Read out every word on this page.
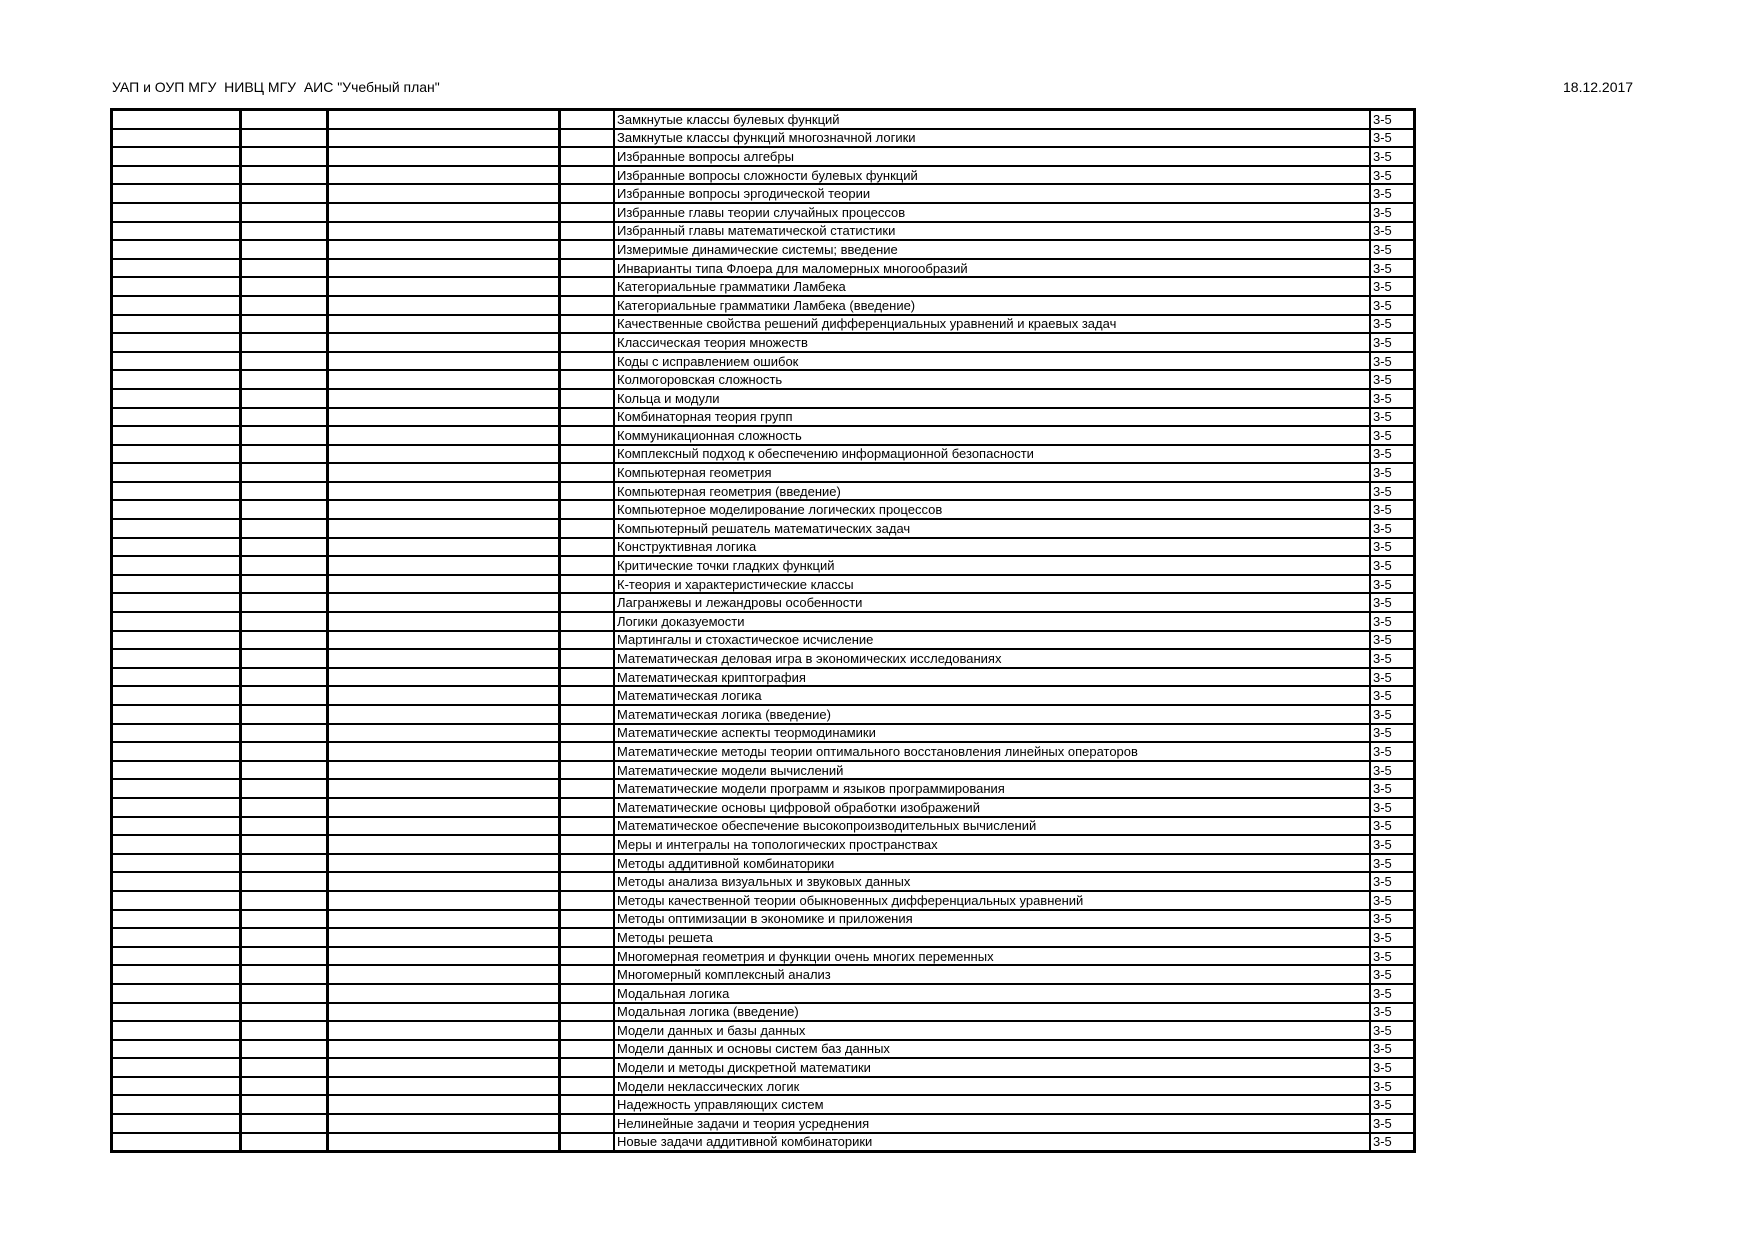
УАП и ОУП МГУ  НИВЦ МГУ  АИС "Учебный план"	18.12.2017
				Замкнутые классы булевых функций	3-5
				Замкнутые классы функций многозначной логики	3-5
				Избранные вопросы алгебры	3-5
				Избранные вопросы сложности булевых функций	3-5
				Избранные вопросы эргодической теории	3-5
				Избранные главы теории случайных процессов	3-5
				Избранный главы математической статистики	3-5
				Измеримые динамические системы; введение	3-5
				Инварианты типа Флоера для маломерных многообразий	3-5
				Категориальные грамматики Ламбека	3-5
				Категориальные грамматики Ламбека (введение)	3-5
				Качественные свойства решений дифференциальных уравнений и краевых задач	3-5
				Классическая теория множеств	3-5
				Коды с исправлением ошибок	3-5
				Колмогоровская сложность	3-5
				Кольца и модули	3-5
				Комбинаторная теория групп	3-5
				Коммуникационная сложность	3-5
				Комплексный подход к обеспечению информационной безопасности	3-5
				Компьютерная геометрия	3-5
				Компьютерная геометрия (введение)	3-5
				Компьютерное моделирование логических процессов	3-5
				Компьютерный решатель математических задач	3-5
				Конструктивная логика	3-5
				Критические точки гладких функций	3-5
				К-теория и характеристические классы	3-5
				Лагранжевы и лежандровы особенности	3-5
				Логики доказуемости	3-5
				Мартингалы и стохастическое исчисление	3-5
				Математическая деловая игра в экономических исследованиях	3-5
				Математическая криптография	3-5
				Математическая логика	3-5
				Математическая логика (введение)	3-5
				Математические аспекты теормодинамики	3-5
				Математические методы теории оптимального восстановления линейных операторов	3-5
				Математические модели вычислений	3-5
				Математические модели программ и языков программирования	3-5
				Математические основы цифровой обработки изображений	3-5
				Математическое обеспечение высокопроизводительных вычислений	3-5
				Меры и интегралы на топологических пространствах	3-5
				Методы аддитивной комбинаторики	3-5
				Методы анализа визуальных и звуковых данных	3-5
				Методы качественной теории обыкновенных дифференциальных уравнений	3-5
				Методы оптимизации в экономике и приложения	3-5
				Методы решета	3-5
				Многомерная геометрия и функции очень многих переменных	3-5
				Многомерный комплексный анализ	3-5
				Модальная логика	3-5
				Модальная логика (введение)	3-5
				Модели данных и базы данных	3-5
				Модели данных и основы систем баз данных	3-5
				Модели и методы дискретной математики	3-5
				Модели неклассических логик	3-5
				Надежность управляющих систем	3-5
				Нелинейные задачи и теория усреднения	3-5
				Новые задачи аддитивной комбинаторики	3-5
